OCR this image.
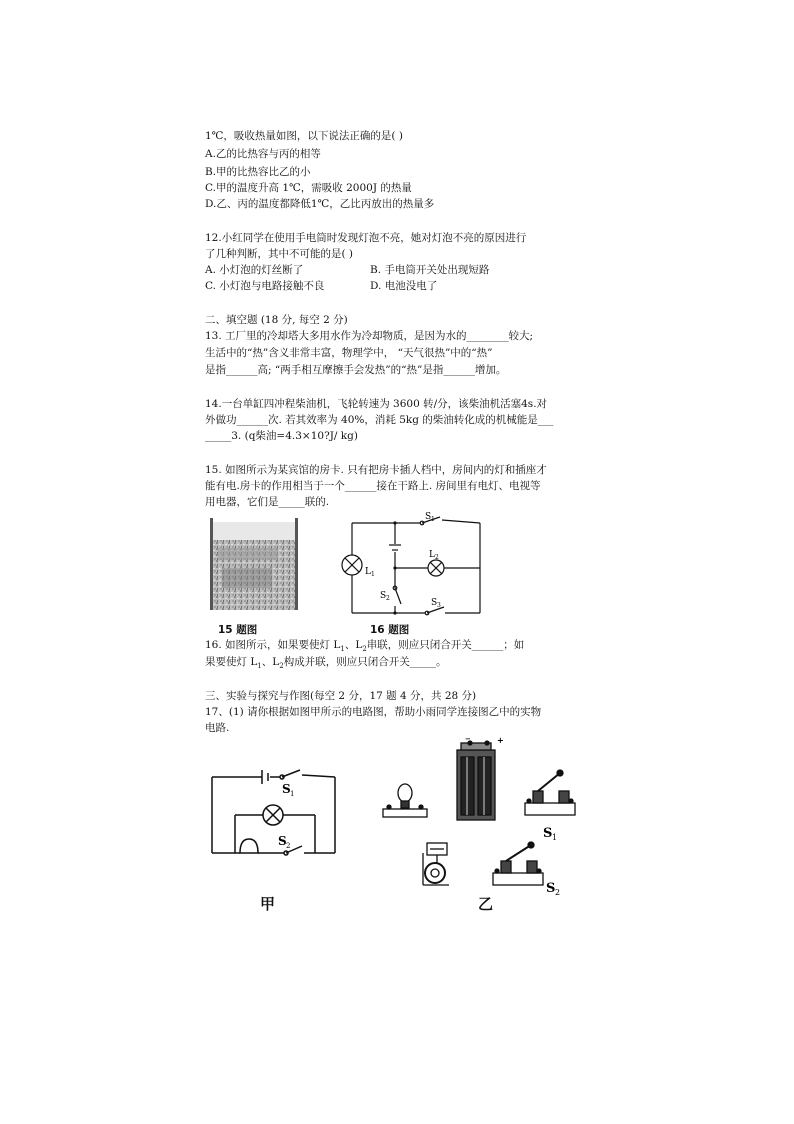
1℃，吸收热量如图，以下说法正确的是( )
A.乙的比热容与丙的相等
B.甲的比热容比乙的小
C.甲的温度升高 1℃，需吸收 2000J 的热量
D.乙、丙的温度都降低1℃，乙比丙放出的热量多
12.小红同学在使用手电筒时发现灯泡不亮，她对灯泡不亮的原因进行
了几种判断，其中不可能的是( )
A. 小灯泡的灯丝断了	B. 手电筒开关处出现短路
C. 小灯泡与电路接触不良	D. 电池没电了
二、填空题 (18 分, 每空 2 分)
13. 工厂里的冷却塔大多用水作为冷却物质，是因为水的________较大;
生活中的“热”含义非常丰富，物理学中， “天气很热”中的“热”
是指______高; “两手相互摩擦手会发热”的“热”是指______增加。
14.一台单缸四冲程柴油机，飞轮转速为 3600 转/分，该柴油机活塞4s.对
外做功______次. 若其效率为 40%，消耗 5kg 的柴油转化成的机械能是___
_____3. (q柴油=4.3×10?J/ kg)
15. 如图所示为某宾馆的房卡. 只有把房卡插人档中，房间内的灯和插座才
能有电.房卡的作用相当于一个______接在干路上. 房间里有电灯、电视等
用电器，它们是_____联的.
15 题图
S 1
L 2
L 1
S 2	S 3
16 题图
16. 如图所示，如果要使灯 $L_1$、$L_2$串联，则应只闭合开关______；如
果要使灯 $L_1$、$L_2$构成并联，则应只闭合开关_____。
三、实验与探究与作图(每空 2 分，17 题 4 分，共 28 分)
17、(1) 请你根据如图甲所示的电路图，帮助小雨同学连接图乙中的实物
电路.
S 1
S 2
甲
−	+
S 1
S 2
乙
